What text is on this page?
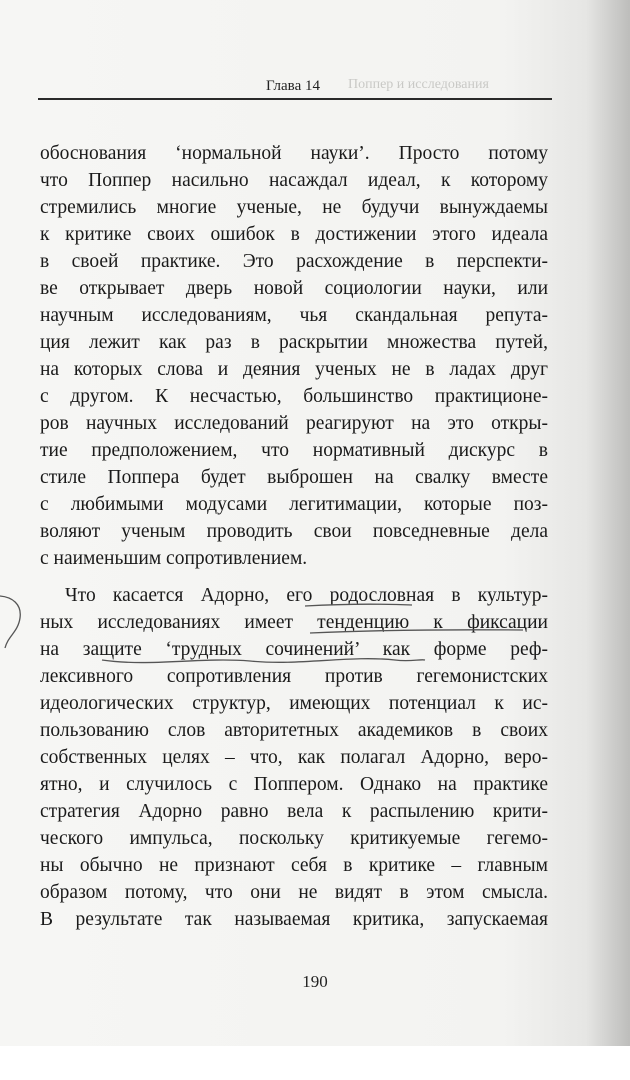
Поппер и исследования
Глава 14
обоснования ‘нормальной науки’. Просто потому
что Поппер насильно насаждал идеал, к которому
стремились многие ученые, не будучи вынуждаемы
к критике своих ошибок в достижении этого идеала
в своей практике. Это расхождение в перспекти-
ве открывает дверь новой социологии науки, или
научным исследованиям, чья скандальная репута-
ция лежит как раз в раскрытии множества путей,
на которых слова и деяния ученых не в ладах друг
с другом. К несчастью, большинство практиционе-
ров научных исследований реагируют на это откры-
тие предположением, что нормативный дискурс в
стиле Поппера будет выброшен на свалку вместе
с любимыми модусами легитимации, которые поз-
воляют ученым проводить свои повседневные дела
с наименьшим сопротивлением.
Что касается Адорно, его родословная в культур-
ных исследованиях имеет тенденцию к фиксации
на защите ‘трудных сочинений’ как форме реф-
лексивного сопротивления против гегемонистских
идеологических структур, имеющих потенциал к ис-
пользованию слов авторитетных академиков в своих
собственных целях – что, как полагал Адорно, веро-
ятно, и случилось с Поппером. Однако на практике
стратегия Адорно равно вела к распылению крити-
ческого импульса, поскольку критикуемые гегемо-
ны обычно не признают себя в критике – главным
образом потому, что они не видят в этом смысла.
В результате так называемая критика, запускаемая
190
